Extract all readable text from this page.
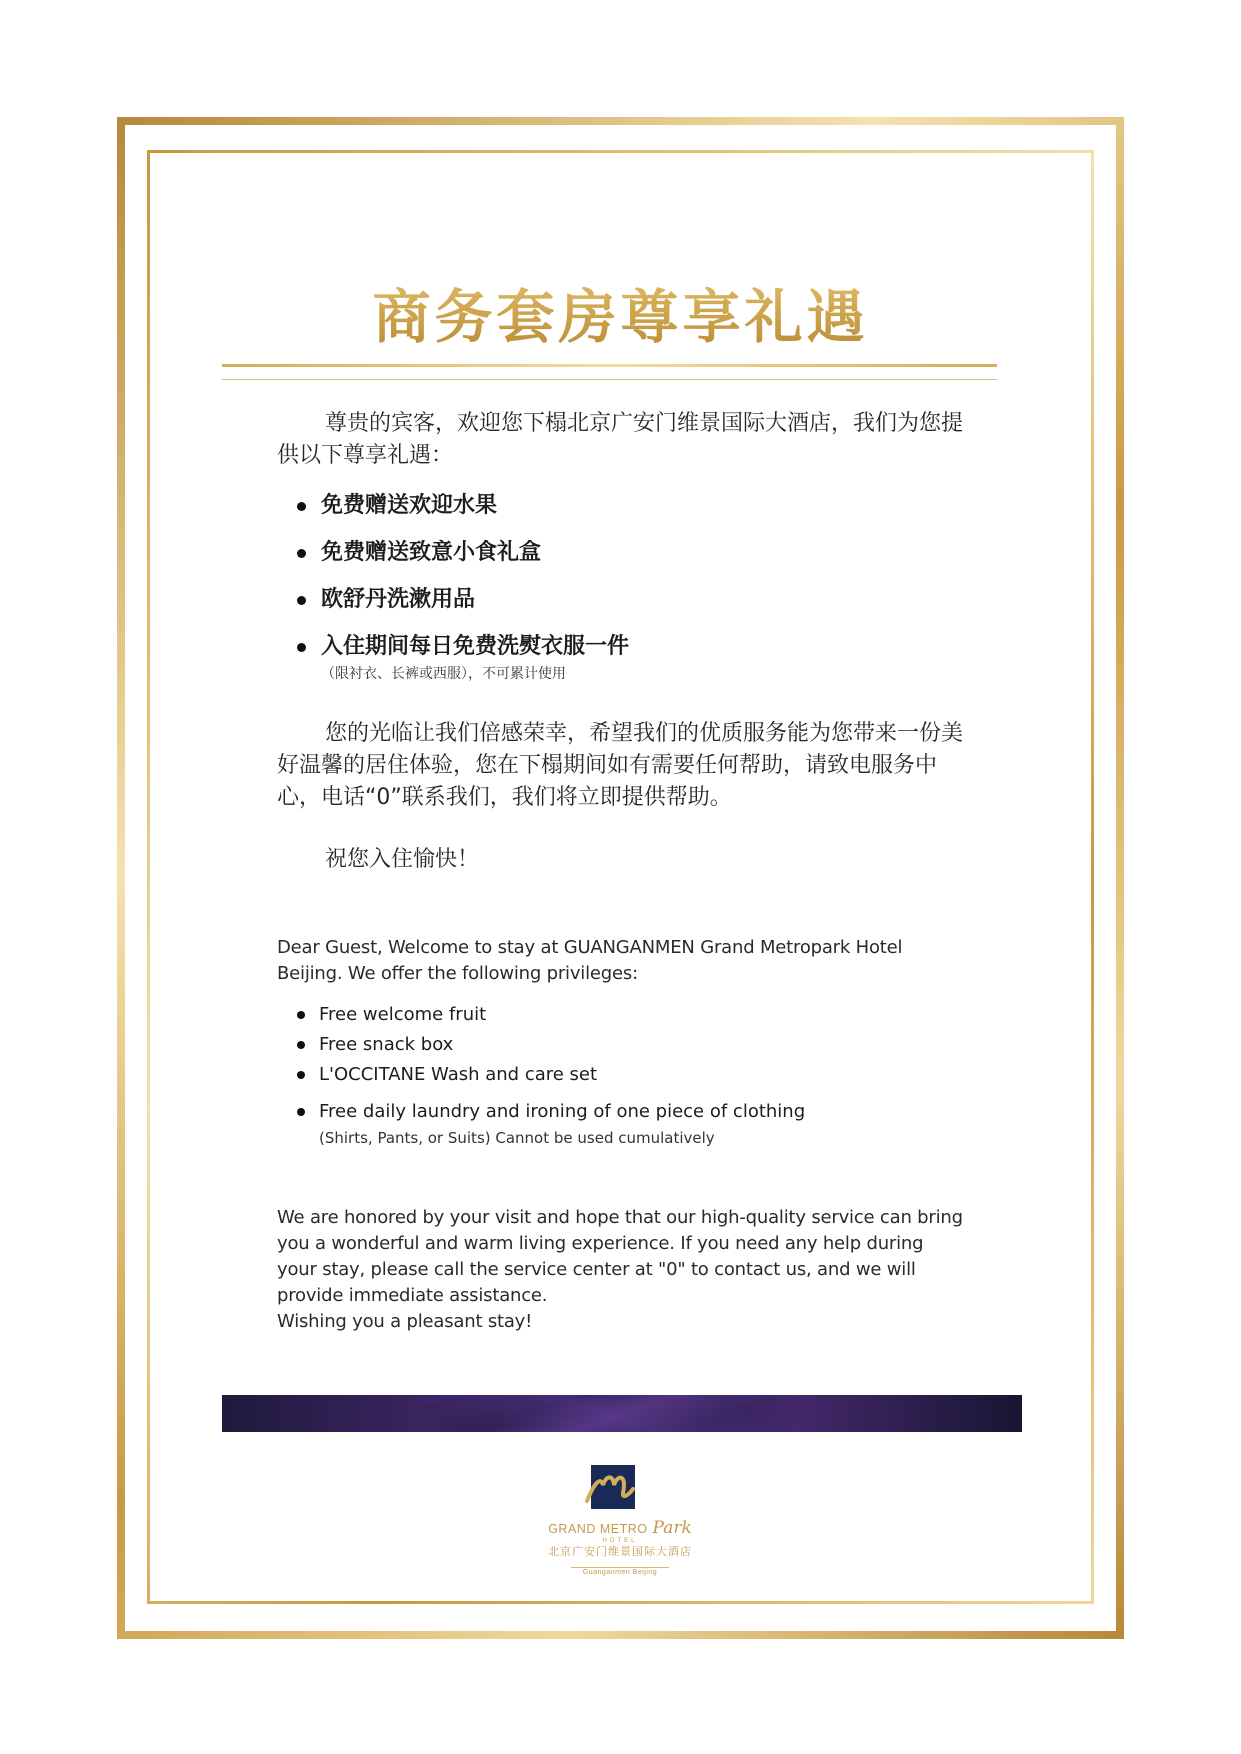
商务套房尊享礼遇

尊贵的宾客，欢迎您下榻北京广安门维景国际大酒店，我们为您提供以下尊享礼遇：

免费赠送欢迎水果
免费赠送致意小食礼盒
欧舒丹洗漱用品
入住期间每日免费洗熨衣服一件
（限衬衣、长裤或西服），不可累计使用

您的光临让我们倍感荣幸，希望我们的优质服务能为您带来一份美好温馨的居住体验，您在下榻期间如有需要任何帮助，请致电服务中心，电话“0”联系我们，我们将立即提供帮助。

祝您入住愉快！

Dear Guest, Welcome to stay at GUANGANMEN Grand Metropark Hotel Beijing. We offer the following privileges:

Free welcome fruit
Free snack box
L'OCCITANE Wash and care set
Free daily laundry and ironing of one piece of clothing
(Shirts, Pants, or Suits) Cannot be used cumulatively

We are honored by your visit and hope that our high-quality service can bring you a wonderful and warm living experience. If you need any help during your stay, please call the service center at "0" to contact us, and we will provide immediate assistance.

Wishing you a pleasant stay!

GRAND METRO Park
HOTEL
北京广安门维景国际大酒店
Guanganmen Beijing
